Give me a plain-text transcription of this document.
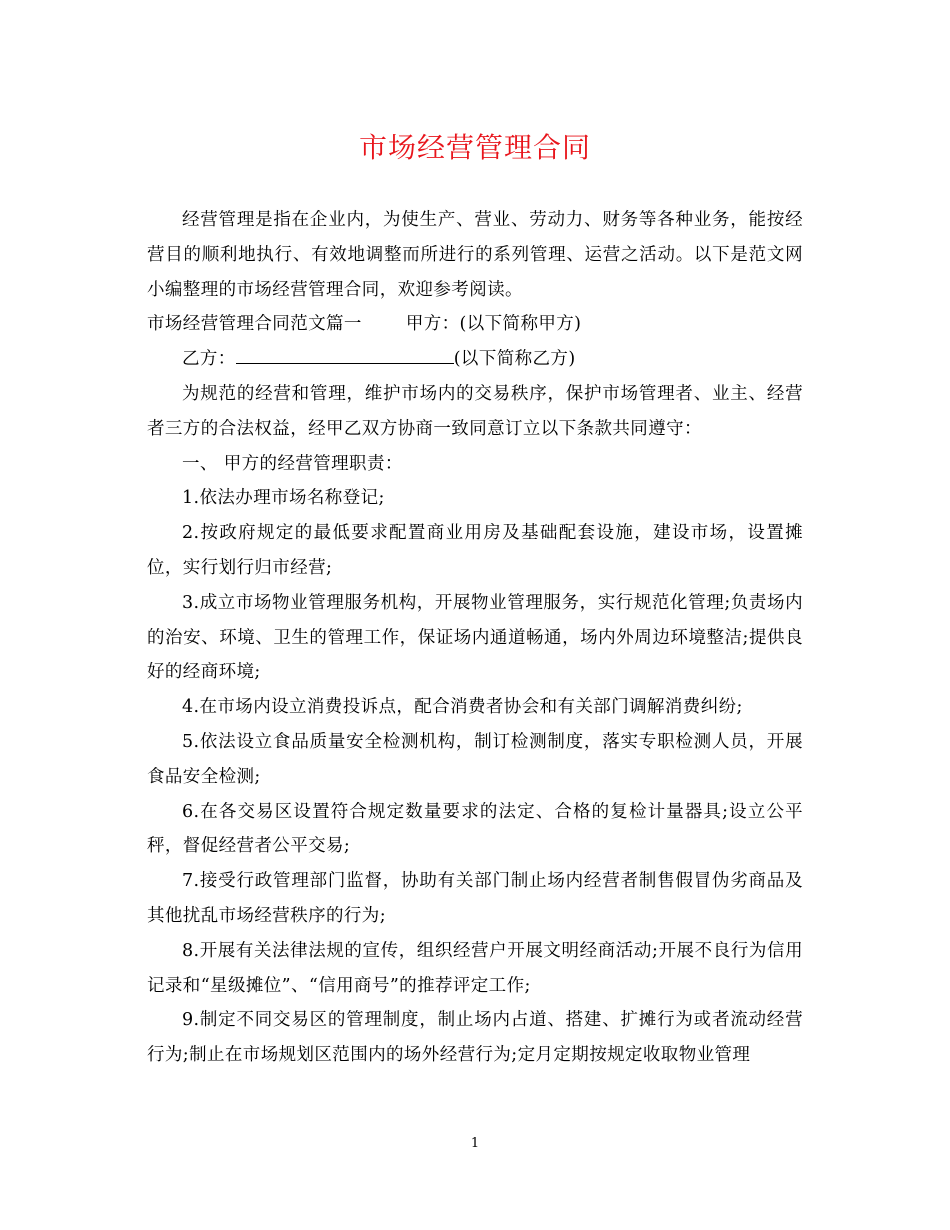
市场经营管理合同

经营管理是指在企业内，为使生产、营业、劳动力、财务等各种业务，能按经营目的顺利地执行、有效地调整而所进行的系列管理、运营之活动。以下是范文网小编整理的市场经营管理合同，欢迎参考阅读。

市场经营管理合同范文篇一	甲方：(以下简称甲方)

乙方：	(以下简称乙方)

为规范的经营和管理，维护市场内的交易秩序，保护市场管理者、业主、经营者三方的合法权益，经甲乙双方协商一致同意订立以下条款共同遵守：

一、 甲方的经营管理职责：

1.依法办理市场名称登记;

2.按政府规定的最低要求配置商业用房及基础配套设施，建设市场，设置摊位，实行划行归市经营;

3.成立市场物业管理服务机构，开展物业管理服务，实行规范化管理;负责场内的治安、环境、卫生的管理工作，保证场内通道畅通，场内外周边环境整洁;提供良好的经商环境;

4.在市场内设立消费投诉点，配合消费者协会和有关部门调解消费纠纷;

5.依法设立食品质量安全检测机构，制订检测制度，落实专职检测人员，开展食品安全检测;

6.在各交易区设置符合规定数量要求的法定、合格的复检计量器具;设立公平秤，督促经营者公平交易;

7.接受行政管理部门监督，协助有关部门制止场内经营者制售假冒伪劣商品及其他扰乱市场经营秩序的行为;

8.开展有关法律法规的宣传，组织经营户开展文明经商活动;开展不良行为信用记录和“星级摊位”、“信用商号”的推荐评定工作;

9.制定不同交易区的管理制度，制止场内占道、搭建、扩摊行为或者流动经营行为;制止在市场规划区范围内的场外经营行为;定月定期按规定收取物业管理

1
